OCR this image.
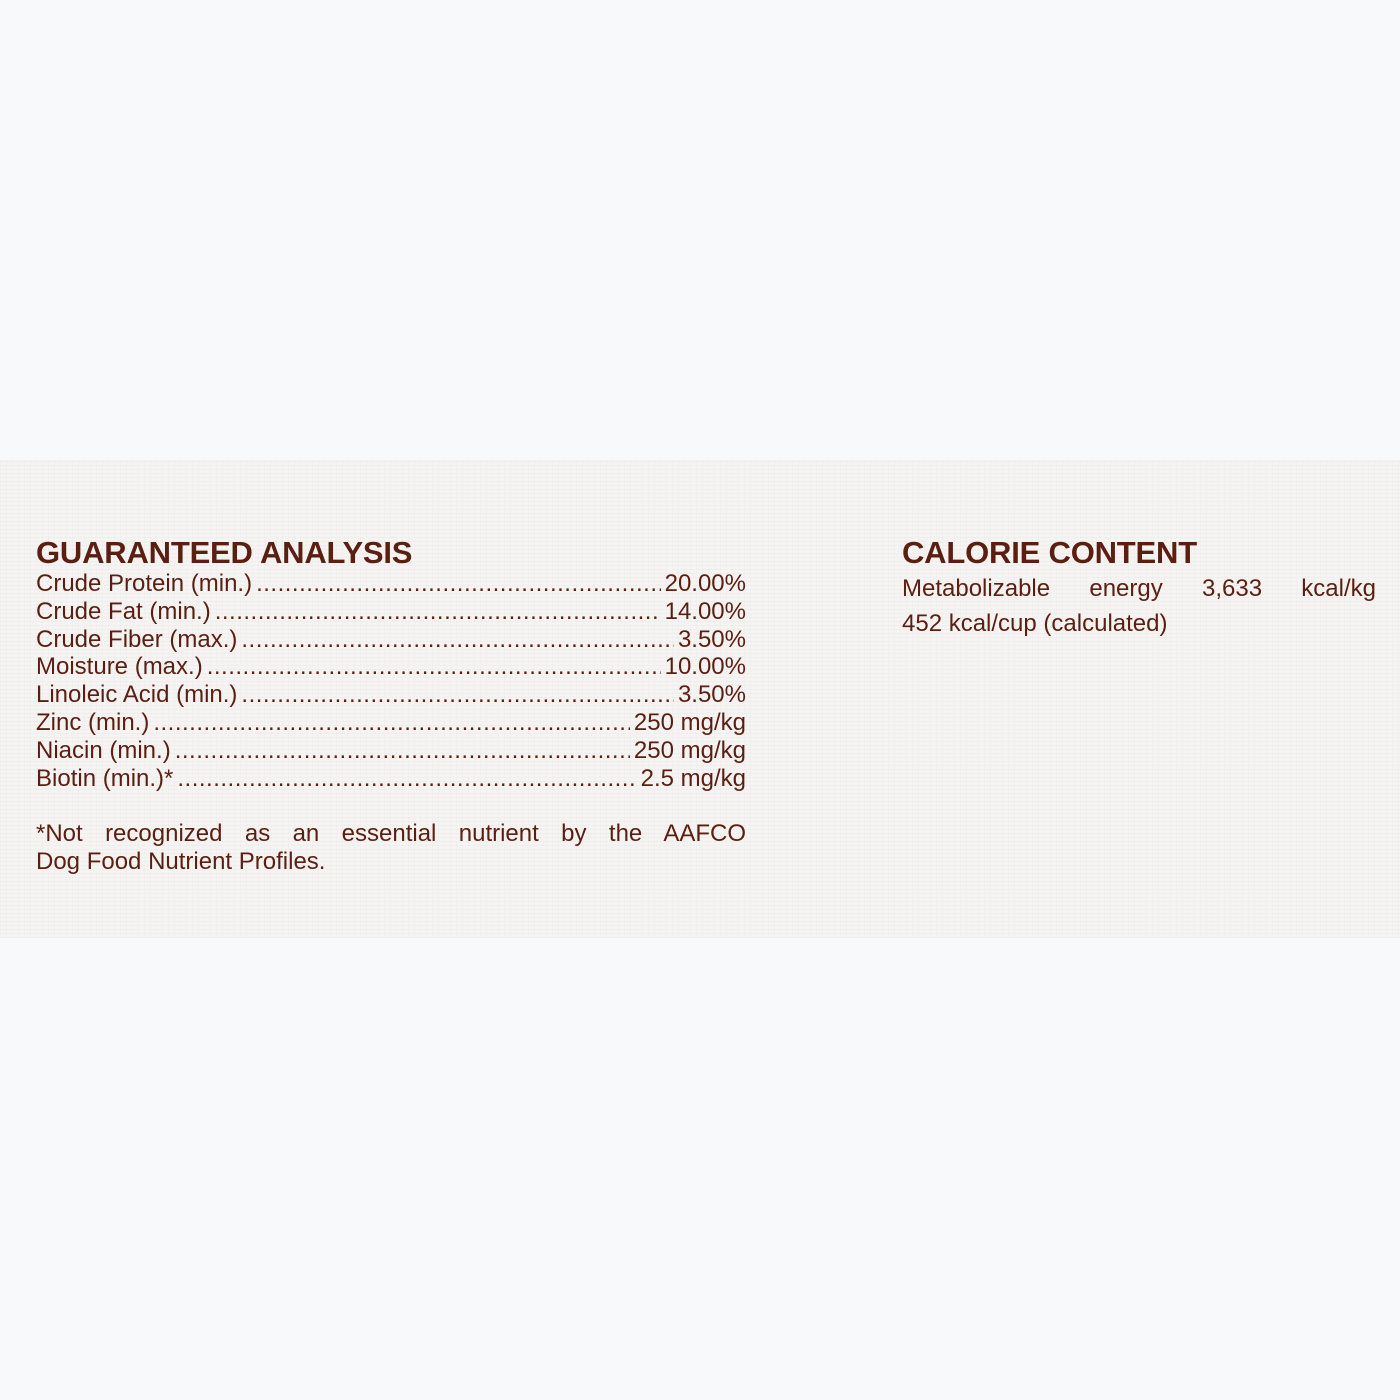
GUARANTEED ANALYSIS
Crude Protein (min.) .....	20.00%
Crude Fat (min.) .....	14.00%
Crude Fiber (max.) .....	3.50%
Moisture (max.) .....	10.00%
Linoleic Acid (min.) .....	3.50%
Zinc (min.) .....	250 mg/kg
Niacin (min.) .....	250 mg/kg
Biotin (min.)* .....	2.5 mg/kg

*Not recognized as an essential nutrient by the AAFCO
Dog Food Nutrient Profiles.

CALORIE CONTENT
Metabolizable energy 3,633 kcal/kg
452 kcal/cup (calculated)
